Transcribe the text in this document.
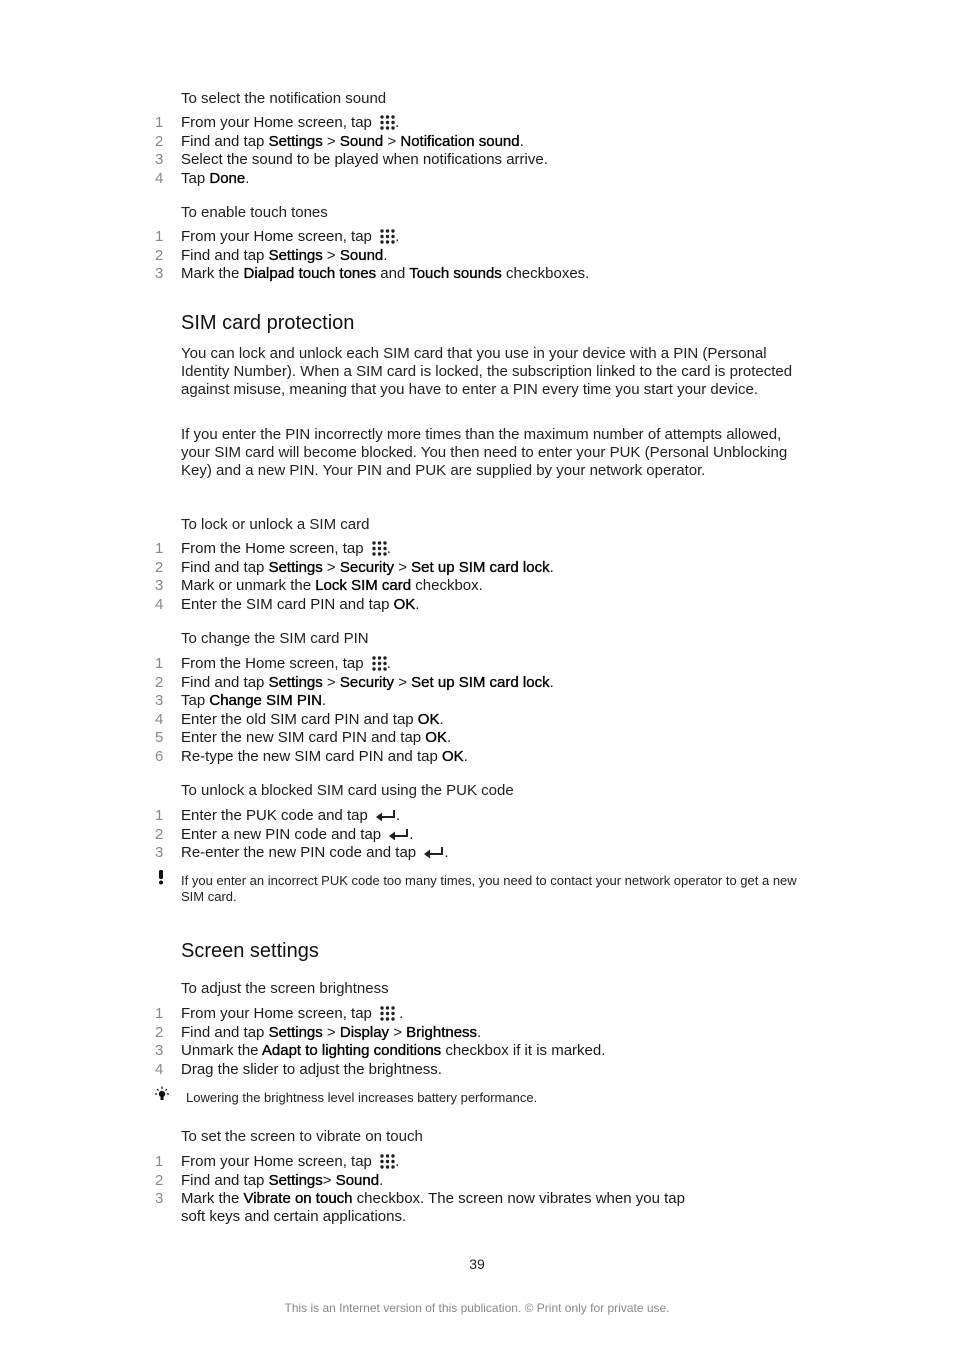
To select the notification sound
1 From your Home screen, tap .
2 Find and tap Settings > Sound > Notification sound.
3 Select the sound to be played when notifications arrive.
4 Tap Done.
To enable touch tones
1 From your Home screen, tap .
2 Find and tap Settings > Sound.
3 Mark the Dialpad touch tones and Touch sounds checkboxes.
SIM card protection
You can lock and unlock each SIM card that you use in your device with a PIN (Personal Identity Number). When a SIM card is locked, the subscription linked to the card is protected against misuse, meaning that you have to enter a PIN every time you start your device.
If you enter the PIN incorrectly more times than the maximum number of attempts allowed, your SIM card will become blocked. You then need to enter your PUK (Personal Unblocking Key) and a new PIN. Your PIN and PUK are supplied by your network operator.
To lock or unlock a SIM card
1 From the Home screen, tap .
2 Find and tap Settings > Security > Set up SIM card lock.
3 Mark or unmark the Lock SIM card checkbox.
4 Enter the SIM card PIN and tap OK.
To change the SIM card PIN
1 From the Home screen, tap .
2 Find and tap Settings > Security > Set up SIM card lock.
3 Tap Change SIM PIN.
4 Enter the old SIM card PIN and tap OK.
5 Enter the new SIM card PIN and tap OK.
6 Re-type the new SIM card PIN and tap OK.
To unlock a blocked SIM card using the PUK code
1 Enter the PUK code and tap .
2 Enter a new PIN code and tap .
3 Re-enter the new PIN code and tap .
If you enter an incorrect PUK code too many times, you need to contact your network operator to get a new SIM card.
Screen settings
To adjust the screen brightness
1 From your Home screen, tap  .
2 Find and tap Settings > Display > Brightness.
3 Unmark the Adapt to lighting conditions checkbox if it is marked.
4 Drag the slider to adjust the brightness.
Lowering the brightness level increases battery performance.
To set the screen to vibrate on touch
1 From your Home screen, tap .
2 Find and tap Settings> Sound.
3 Mark the Vibrate on touch checkbox. The screen now vibrates when you tap
soft keys and certain applications.
39
This is an Internet version of this publication. © Print only for private use.
